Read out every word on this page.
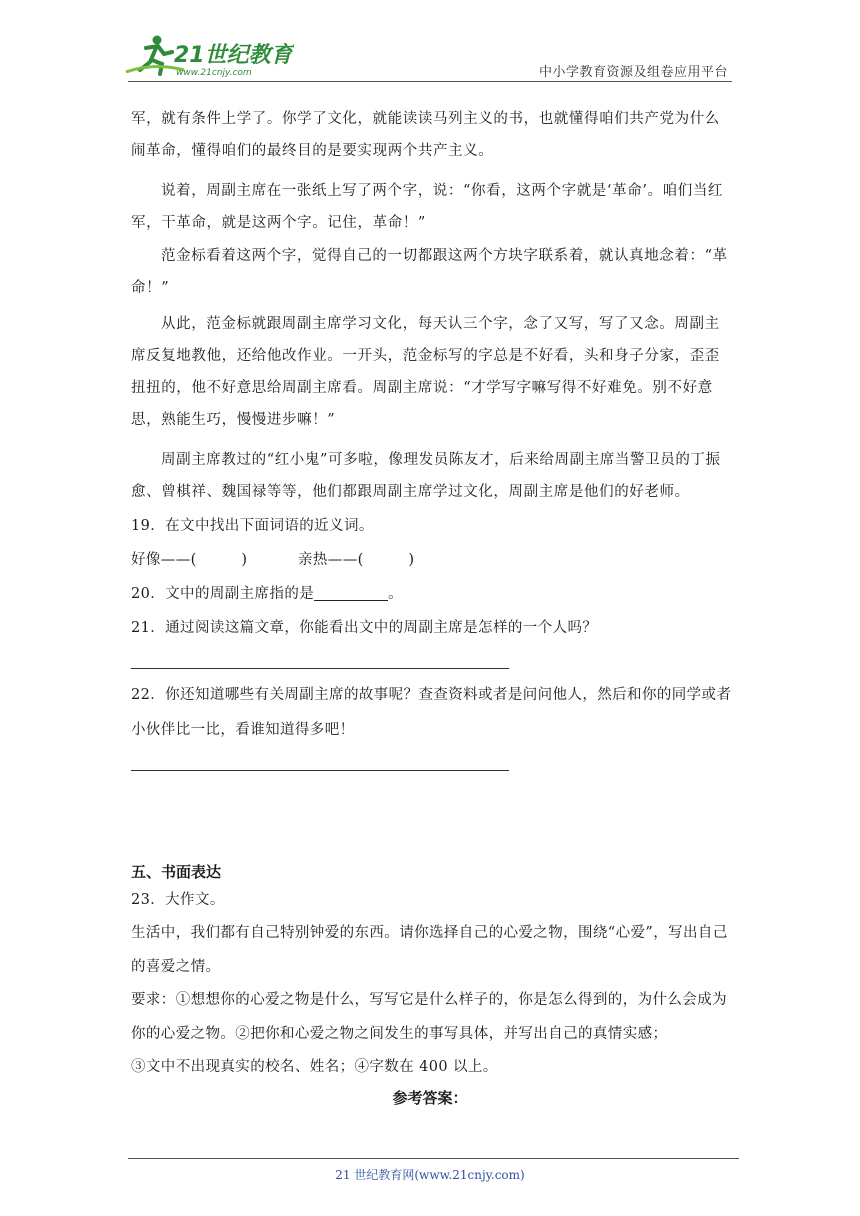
21世纪教育
www.21cnjy.com	中小学教育资源及组卷应用平台

军，就有条件上学了。你学了文化，就能读读马列主义的书，也就懂得咱们共产党为什么闹革命，懂得咱们的最终目的是要实现两个共产主义。

说着，周副主席在一张纸上写了两个字，说：“你看，这两个字就是‘革命’。咱们当红军，干革命，就是这两个字。记住，革命！”

范金标看着这两个字，觉得自己的一切都跟这两个方块字联系着，就认真地念着：“革命！”

从此，范金标就跟周副主席学习文化，每天认三个字，念了又写，写了又念。周副主席反复地教他，还给他改作业。一开头，范金标写的字总是不好看，头和身子分家，歪歪扭扭的，他不好意思给周副主席看。周副主席说：“才学写字嘛写得不好难免。别不好意思，熟能生巧，慢慢进步嘛！”

周副主席教过的“红小鬼”可多啦，像理发员陈友才，后来给周副主席当警卫员的丁振愈、曾棋祥、魏国禄等等，他们都跟周副主席学过文化，周副主席是他们的好老师。

19．在文中找出下面词语的近义词。

好像——(　　　)	亲热——(　　　)

20．文中的周副主席指的是	。

21．通过阅读这篇文章，你能看出文中的周副主席是怎样的一个人吗？

22．你还知道哪些有关周副主席的故事呢？查查资料或者是问问他人，然后和你的同学或者

小伙伴比一比，看谁知道得多吧！

五、书面表达

23．大作文。

生活中，我们都有自己特别钟爱的东西。请你选择自己的心爱之物，围绕“心爱”，写出自己

的喜爱之情。

要求：①想想你的心爱之物是什么，写写它是什么样子的，你是怎么得到的，为什么会成为

你的心爱之物。②把你和心爱之物之间发生的事写具体，并写出自己的真情实感；

③文中不出现真实的校名、姓名；④字数在 400 以上。

参考答案：

21 世纪教育网(www.21cnjy.com)
